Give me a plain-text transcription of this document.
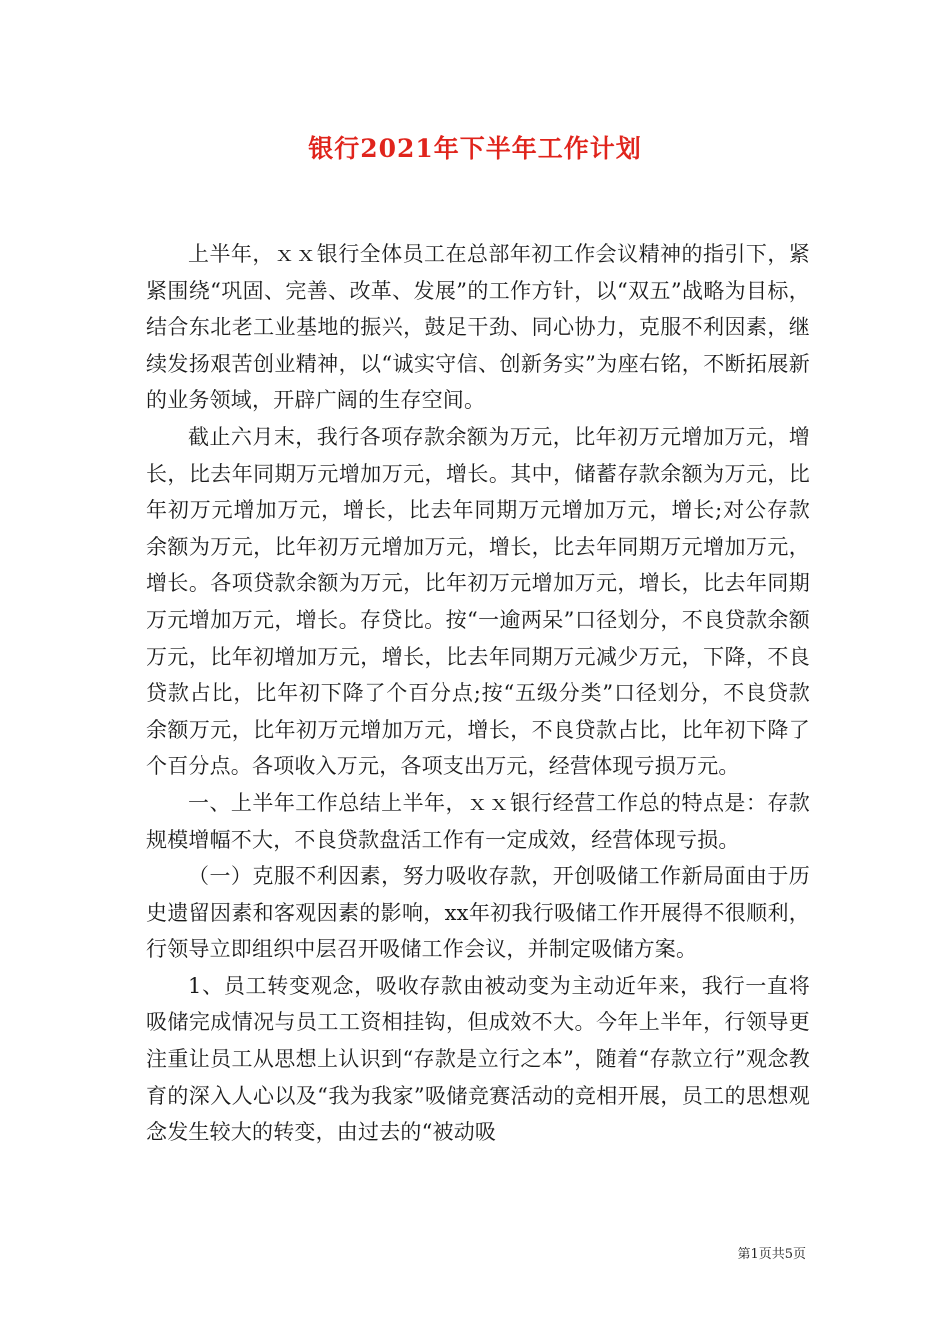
银行2021年下半年工作计划

上半年，ｘｘ银行全体员工在总部年初工作会议精神的指引下，紧紧围绕“巩固、完善、改革、发展”的工作方针，以“双五”战略为目标，结合东北老工业基地的振兴，鼓足干劲、同心协力，克服不利因素，继续发扬艰苦创业精神，以“诚实守信、创新务实”为座右铭，不断拓展新的业务领域，开辟广阔的生存空间。

截止六月末，我行各项存款余额为万元，比年初万元增加万元，增长，比去年同期万元增加万元，增长。其中，储蓄存款余额为万元，比年初万元增加万元，增长，比去年同期万元增加万元，增长;对公存款余额为万元，比年初万元增加万元，增长，比去年同期万元增加万元，增长。各项贷款余额为万元，比年初万元增加万元，增长，比去年同期万元增加万元，增长。存贷比。按“一逾两呆”口径划分，不良贷款余额万元，比年初增加万元，增长，比去年同期万元减少万元，下降，不良贷款占比，比年初下降了个百分点;按“五级分类”口径划分，不良贷款余额万元，比年初万元增加万元，增长，不良贷款占比，比年初下降了个百分点。各项收入万元，各项支出万元，经营体现亏损万元。

一、上半年工作总结上半年，ｘｘ银行经营工作总的特点是：存款规模增幅不大，不良贷款盘活工作有一定成效，经营体现亏损。

（一）克服不利因素，努力吸收存款，开创吸储工作新局面由于历史遗留因素和客观因素的影响，xx年初我行吸储工作开展得不很顺利，行领导立即组织中层召开吸储工作会议，并制定吸储方案。

1、员工转变观念，吸收存款由被动变为主动近年来，我行一直将吸储完成情况与员工工资相挂钩，但成效不大。今年上半年，行领导更注重让员工从思想上认识到“存款是立行之本”，随着“存款立行”观念教育的深入人心以及“我为我家”吸储竞赛活动的竞相开展，员工的思想观念发生较大的转变，由过去的“被动吸

第1页共5页
